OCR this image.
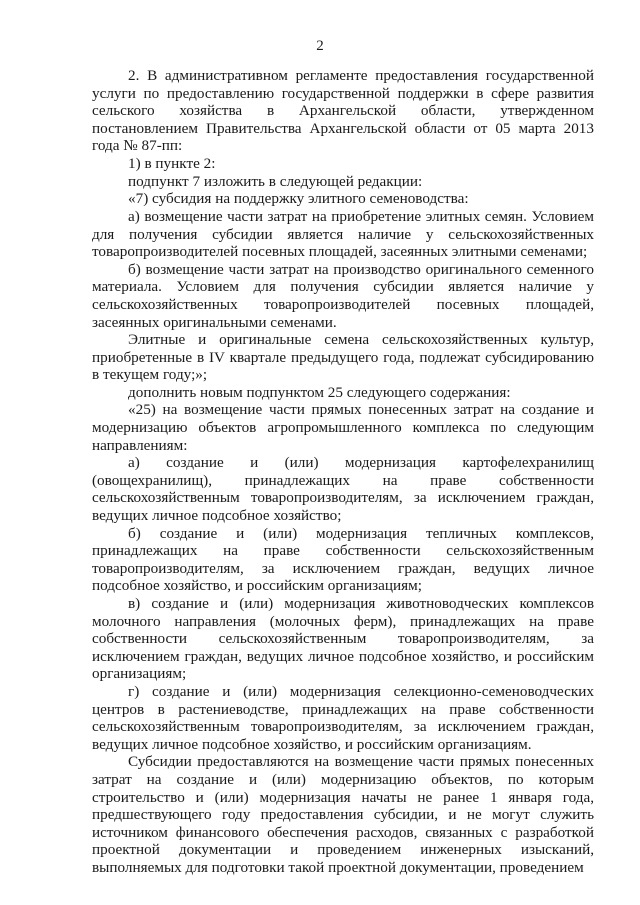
2

2. В административном регламенте предоставления государственной услуги по предоставлению государственной поддержки в сфере развития сельского хозяйства в Архангельской области, утвержденном постановлением Правительства Архангельской области от 05 марта 2013 года № 87-пп:

1) в пункте 2:

подпункт 7 изложить в следующей редакции:

«7) субсидия на поддержку элитного семеноводства:

а) возмещение части затрат на приобретение элитных семян. Условием для получения субсидии является наличие у сельскохозяйственных товаропроизводителей посевных площадей, засеянных элитными семенами;

б) возмещение части затрат на производство оригинального семенного материала. Условием для получения субсидии является наличие у сельскохозяйственных товаропроизводителей посевных площадей, засеянных оригинальными семенами.

Элитные и оригинальные семена сельскохозяйственных культур, приобретенные в IV квартале предыдущего года, подлежат субсидированию в текущем году;»;

дополнить новым подпунктом 25 следующего содержания:

«25) на возмещение части прямых понесенных затрат на создание и модернизацию объектов агропромышленного комплекса по следующим направлениям:

а) создание и (или) модернизация картофелехранилищ (овощехранилищ), принадлежащих на праве собственности сельскохозяйственным товаропроизводителям, за исключением граждан, ведущих личное подсобное хозяйство;

б) создание и (или) модернизация тепличных комплексов, принадлежащих на праве собственности сельскохозяйственным товаропроизводителям, за исключением граждан, ведущих личное подсобное хозяйство, и российским организациям;

в) создание и (или) модернизация животноводческих комплексов молочного направления (молочных ферм), принадлежащих на праве собственности сельскохозяйственным товаропроизводителям, за исключением граждан, ведущих личное подсобное хозяйство, и российским организациям;

г) создание и (или) модернизация селекционно-семеноводческих центров в растениеводстве, принадлежащих на праве собственности сельскохозяйственным товаропроизводителям, за исключением граждан, ведущих личное подсобное хозяйство, и российским организациям.

Субсидии предоставляются на возмещение части прямых понесенных затрат на создание и (или) модернизацию объектов, по которым строительство и (или) модернизация начаты не ранее 1 января года, предшествующего году предоставления субсидии, и не могут служить источником финансового обеспечения расходов, связанных с разработкой проектной документации и проведением инженерных изысканий, выполняемых для подготовки такой проектной документации, проведением
